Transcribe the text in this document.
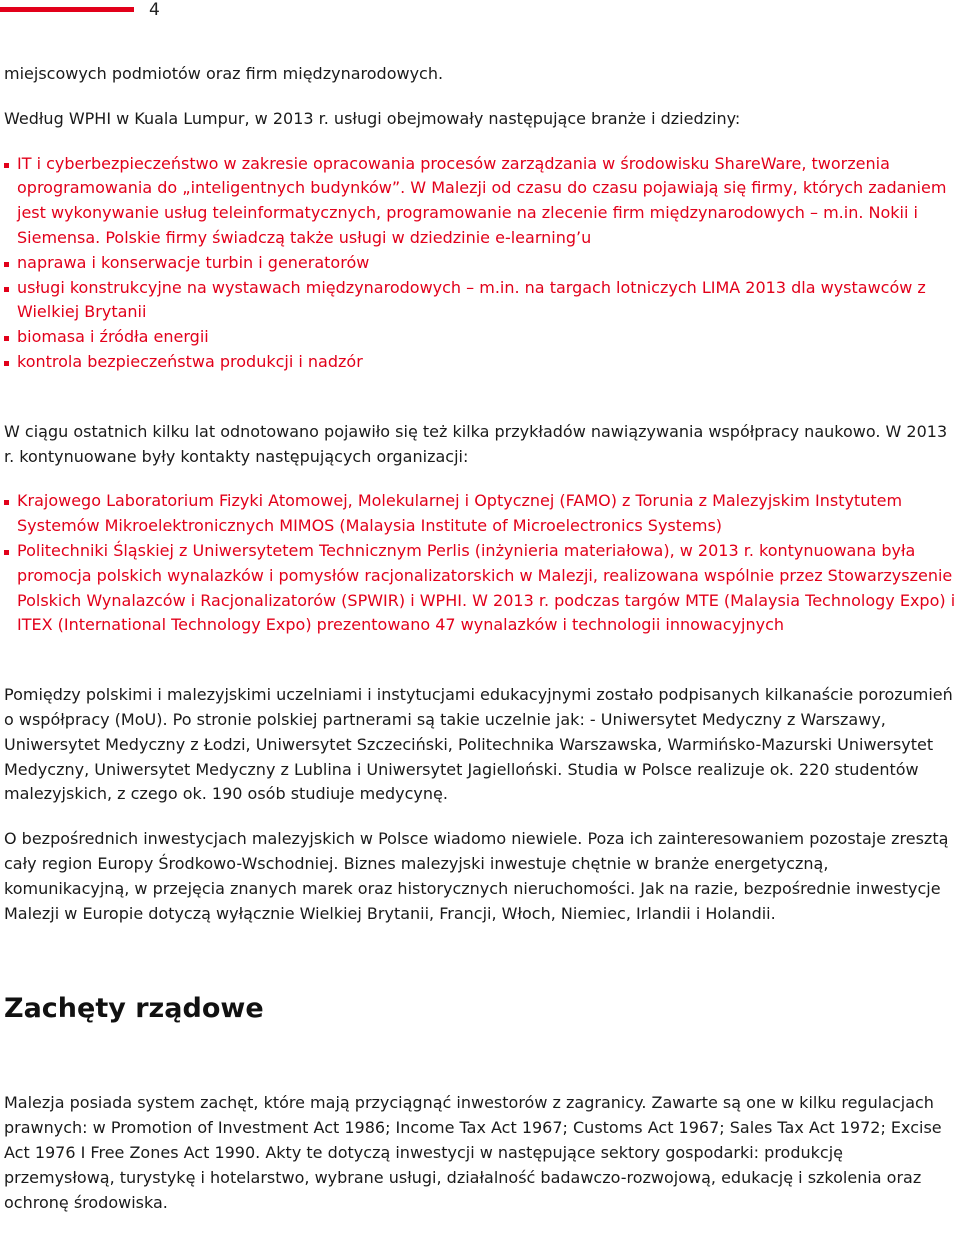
4

miejscowych podmiotów oraz firm międzynarodowych.

Według WPHI w Kuala Lumpur, w 2013 r. usługi obejmowały następujące branże i dziedziny:

IT i cyberbezpieczeństwo w zakresie opracowania procesów zarządzania w środowisku ShareWare, tworzenia oprogramowania do „inteligentnych budynków”. W Malezji od czasu do czasu pojawiają się firmy, których zadaniem jest wykonywanie usług teleinformatycznych, programowanie na zlecenie firm międzynarodowych – m.in. Nokii i Siemensa. Polskie firmy świadczą także usługi w dziedzinie e-learning’u
naprawa i konserwacje turbin i generatorów
usługi konstrukcyjne na wystawach międzynarodowych – m.in. na targach lotniczych LIMA 2013 dla wystawców z Wielkiej Brytanii
biomasa i źródła energii
kontrola bezpieczeństwa produkcji i nadzór

W ciągu ostatnich kilku lat odnotowano pojawiło się też kilka przykładów nawiązywania współpracy naukowo. W 2013 r. kontynuowane były kontakty następujących organizacji:

Krajowego Laboratorium Fizyki Atomowej, Molekularnej i Optycznej (FAMO) z Torunia z Malezyjskim Instytutem Systemów Mikroelektronicznych MIMOS (Malaysia Institute of Microelectronics Systems)
Politechniki Śląskiej z Uniwersytetem Technicznym Perlis (inżynieria materiałowa), w 2013 r. kontynuowana była promocja polskich wynalazków i pomysłów racjonalizatorskich w Malezji, realizowana wspólnie przez Stowarzyszenie Polskich Wynalazców i Racjonalizatorów (SPWIR) i WPHI. W 2013 r. podczas targów MTE (Malaysia Technology Expo) i ITEX (International Technology Expo) prezentowano 47 wynalazków i technologii innowacyjnych

Pomiędzy polskimi i malezyjskimi uczelniami i instytucjami edukacyjnymi zostało podpisanych kilkanaście porozumień o współpracy (MoU). Po stronie polskiej partnerami są takie uczelnie jak: - Uniwersytet Medyczny z Warszawy, Uniwersytet Medyczny z Łodzi, Uniwersytet Szczeciński, Politechnika Warszawska, Warmińsko-Mazurski Uniwersytet Medyczny, Uniwersytet Medyczny z Lublina i Uniwersytet Jagielloński. Studia w Polsce realizuje ok. 220 studentów malezyjskich, z czego ok. 190 osób studiuje medycynę.

O bezpośrednich inwestycjach malezyjskich w Polsce wiadomo niewiele. Poza ich zainteresowaniem pozostaje zresztą cały region Europy Środkowo-Wschodniej. Biznes malezyjski inwestuje chętnie w branże energetyczną, komunikacyjną, w przejęcia znanych marek oraz historycznych nieruchomości. Jak na razie, bezpośrednie inwestycje Malezji w Europie dotyczą wyłącznie Wielkiej Brytanii, Francji, Włoch, Niemiec, Irlandii i Holandii.

Zachęty rządowe

Malezja posiada system zachęt, które mają przyciągnąć inwestorów z zagranicy. Zawarte są one w kilku regulacjach prawnych: w Promotion of Investment Act 1986; Income Tax Act 1967; Customs Act 1967; Sales Tax Act 1972; Excise Act 1976 I Free Zones Act 1990. Akty te dotyczą inwestycji w następujące sektory gospodarki: produkcję przemysłową, turystykę i hotelarstwo, wybrane usługi, działalność badawczo-rozwojową, edukację i szkolenia oraz ochronę środowiska.
